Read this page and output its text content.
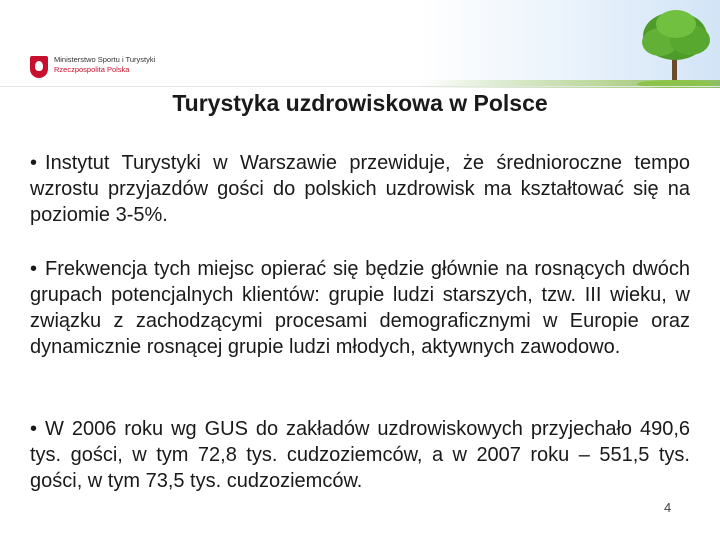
Ministerstwo Sportu i Turystyki
Rzeczpospolita Polska
Turystyka uzdrowiskowa w Polsce
• Instytut Turystyki w Warszawie przewiduje, że średnioroczne tempo wzrostu przyjazdów gości do polskich uzdrowisk ma kształtować się na poziomie 3-5%.
• Frekwencja tych miejsc opierać się będzie głównie na rosnących dwóch grupach potencjalnych klientów: grupie ludzi starszych, tzw. III wieku, w związku z zachodzącymi procesami demograficznymi w Europie oraz dynamicznie rosnącej grupie ludzi młodych, aktywnych zawodowo.
• W 2006 roku wg GUS do zakładów uzdrowiskowych przyjechało 490,6 tys. gości, w tym 72,8 tys. cudzoziemców, a w 2007 roku – 551,5 tys. gości, w tym 73,5 tys. cudzoziemców.
4
